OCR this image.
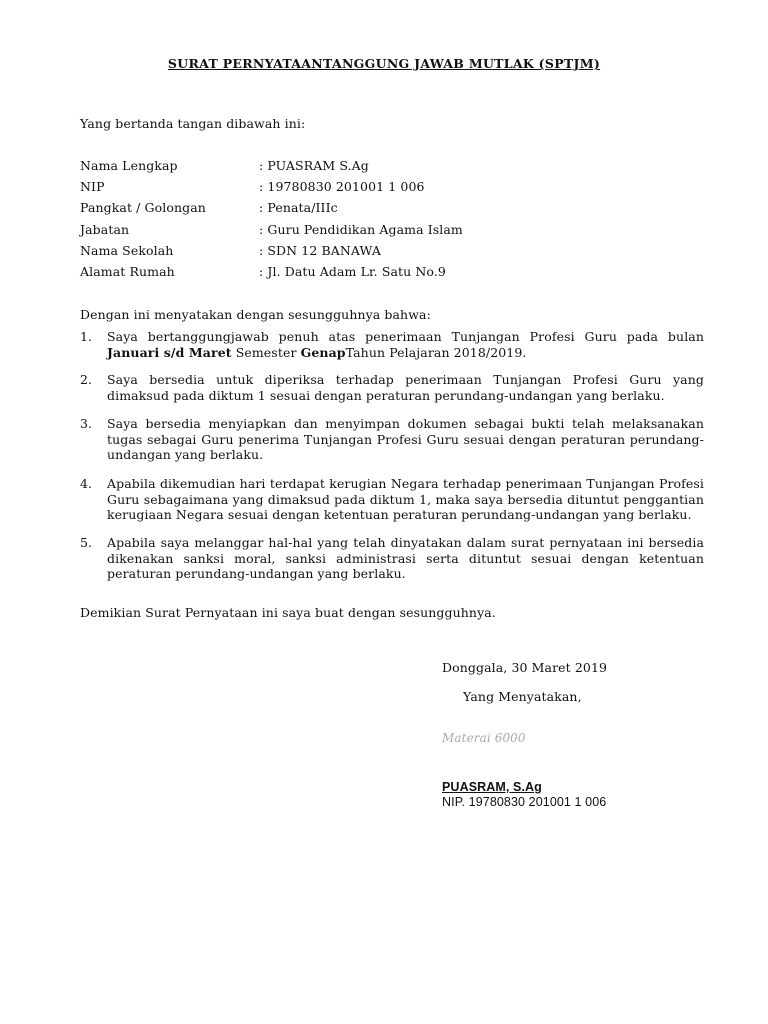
SURAT PERNYATAANTANGGUNG JAWAB MUTLAK (SPTJM)
Yang bertanda tangan dibawah ini:
Nama Lengkap	: PUASRAM S.Ag
NIP	: 19780830 201001 1 006
Pangkat / Golongan	: Penata/IIIc
Jabatan	: Guru Pendidikan Agama Islam
Nama Sekolah	: SDN 12 BANAWA
Alamat Rumah	: Jl. Datu Adam Lr. Satu No.9
Dengan ini menyatakan dengan sesungguhnya bahwa:
1.	Saya bertanggungjawab penuh atas penerimaan Tunjangan Profesi Guru pada bulan Januari s/d Maret Semester GenapTahun Pelajaran 2018/2019.
2.	Saya bersedia untuk diperiksa terhadap penerimaan Tunjangan Profesi Guru yang dimaksud pada diktum 1 sesuai dengan peraturan perundang-undangan yang berlaku.
3.	Saya bersedia menyiapkan dan menyimpan dokumen sebagai bukti telah melaksanakan tugas sebagai Guru penerima Tunjangan Profesi Guru sesuai dengan peraturan perundang-undangan yang berlaku.
4.	Apabila dikemudian hari terdapat kerugian Negara terhadap penerimaan Tunjangan Profesi Guru sebagaimana yang dimaksud pada diktum 1, maka saya bersedia dituntut penggantian kerugiaan Negara sesuai dengan ketentuan peraturan perundang-undangan yang berlaku.
5.	Apabila saya melanggar hal-hal yang telah dinyatakan dalam surat pernyataan ini bersedia dikenakan sanksi moral, sanksi administrasi serta dituntut sesuai dengan ketentuan peraturan perundang-undangan yang berlaku.
Demikian Surat Pernyataan ini saya buat dengan sesungguhnya.
Donggala, 30 Maret 2019
Yang Menyatakan,
Materai 6000
PUASRAM, S.Ag
NIP. 19780830 201001 1 006
